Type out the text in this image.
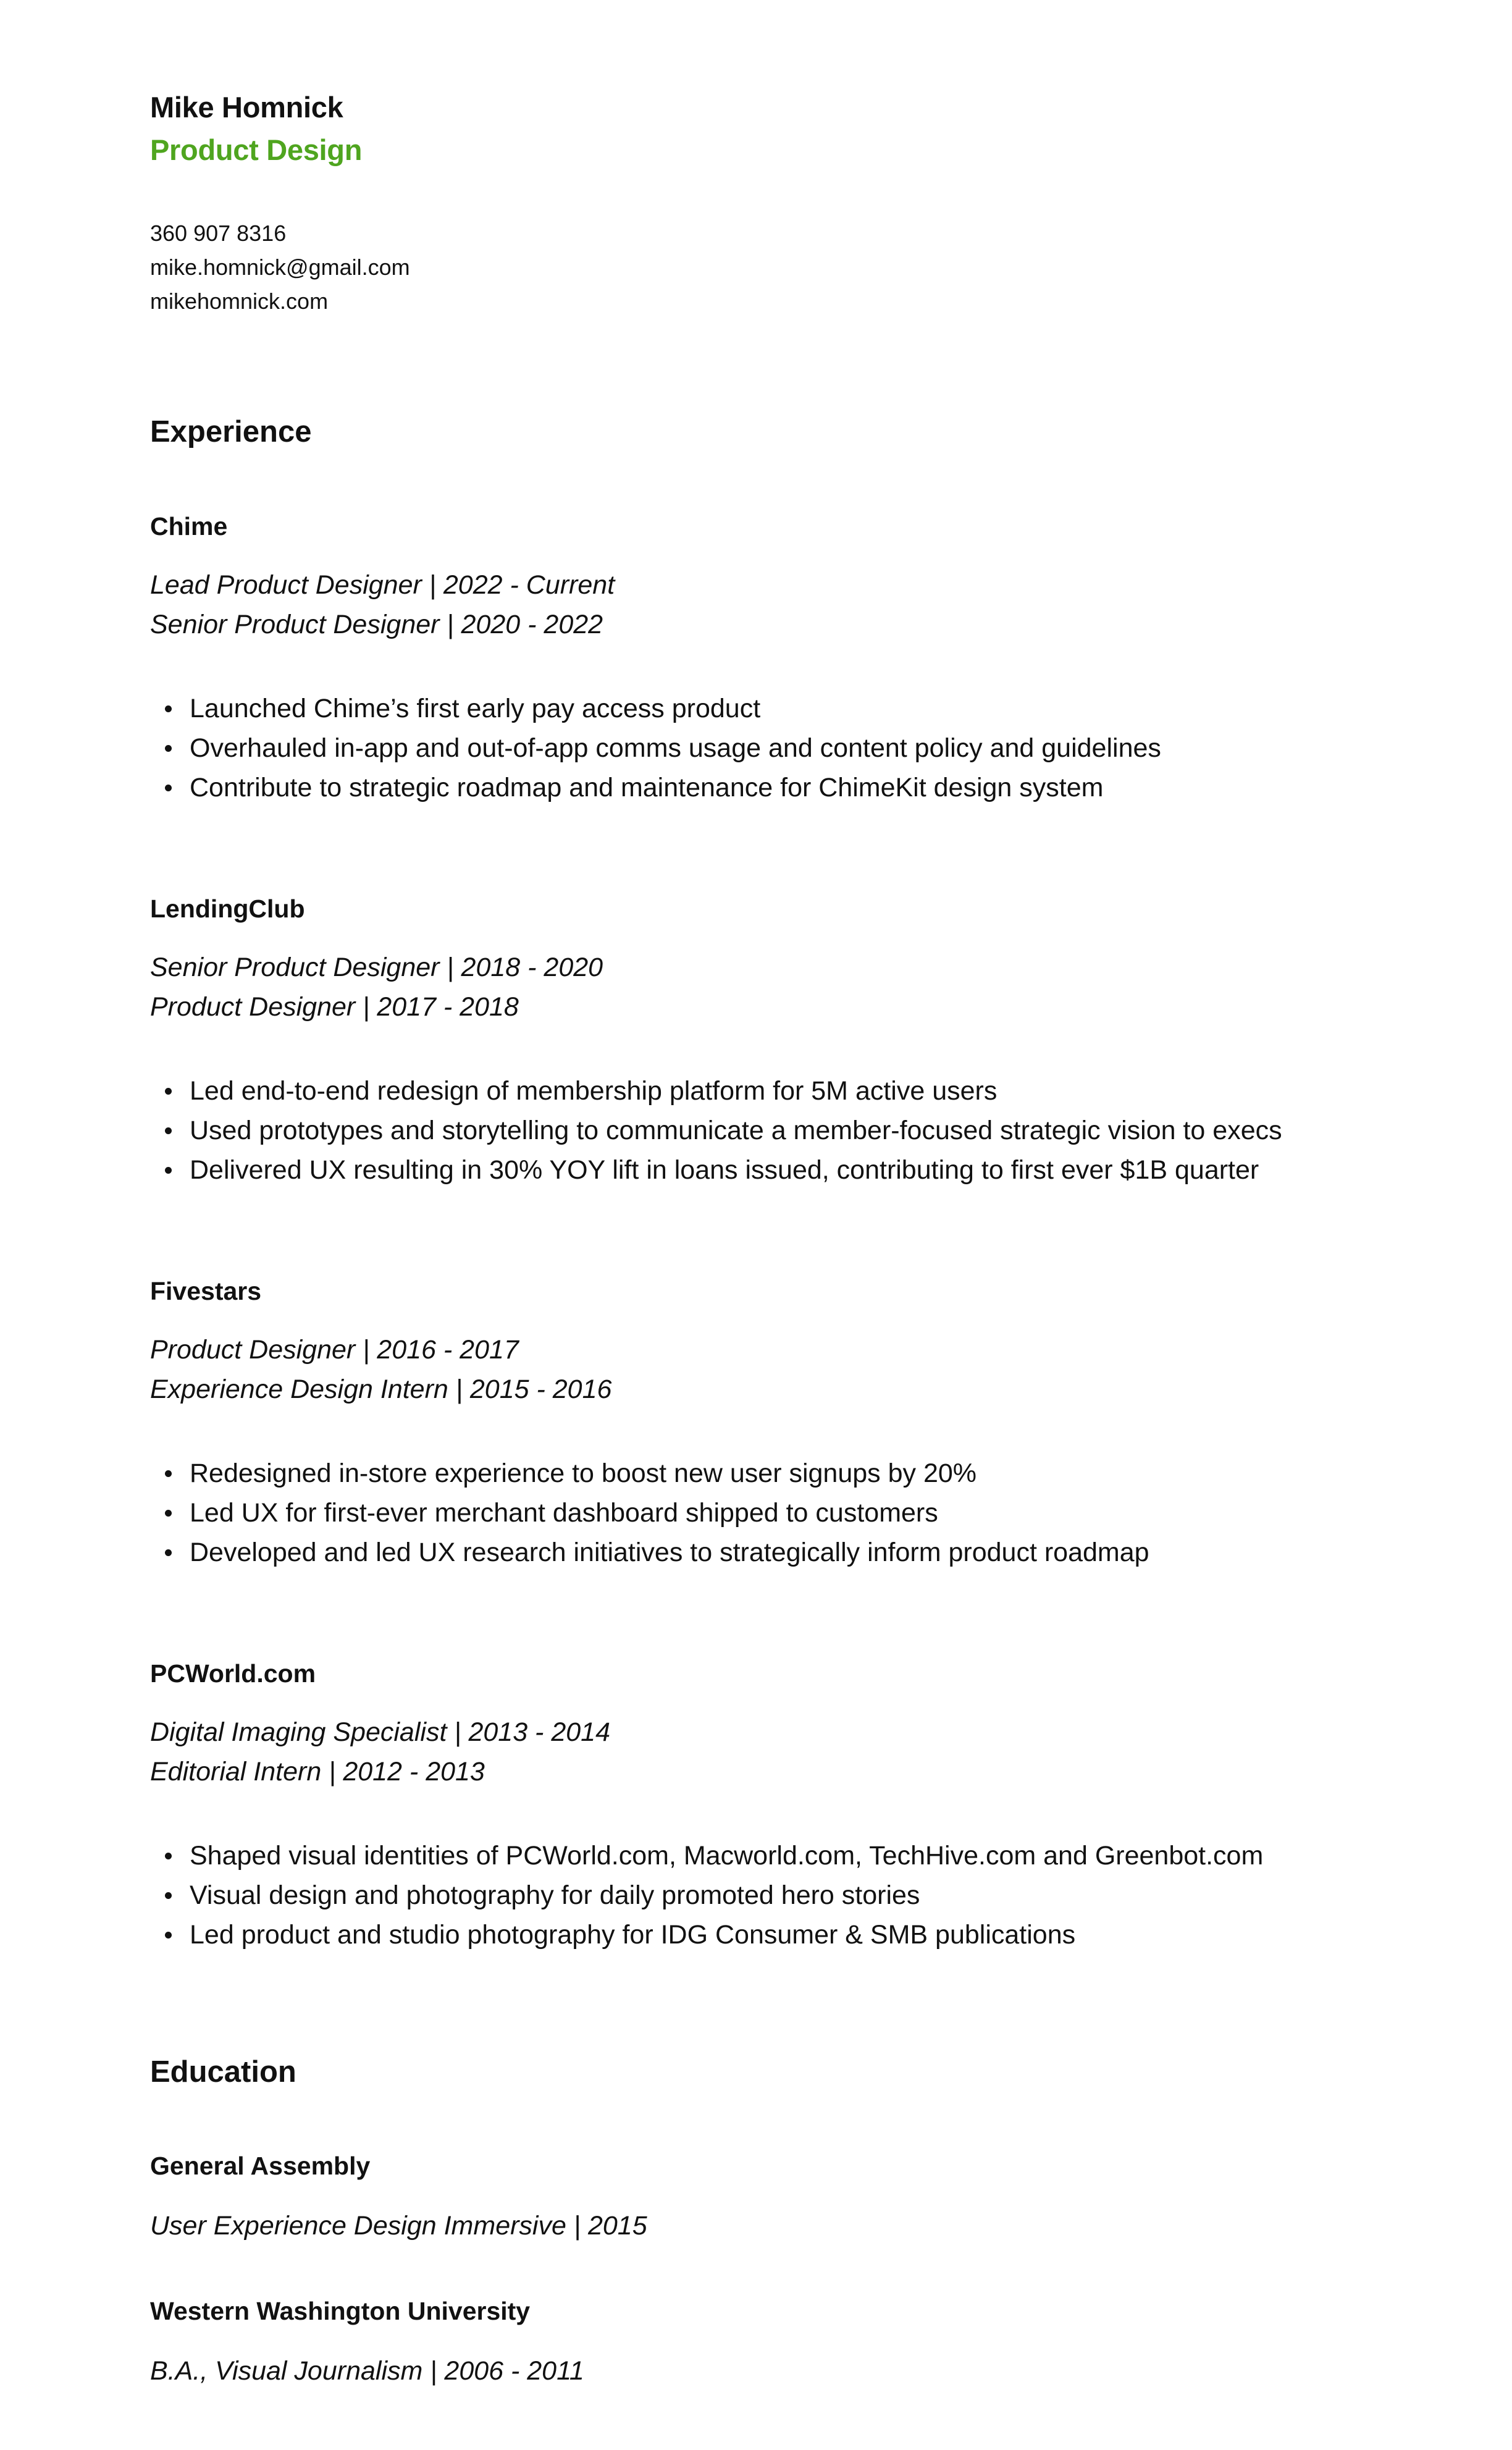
Mike Homnick
Product Design
360 907 8316
mike.homnick@gmail.com
mikehomnick.com
Experience
Chime
Lead Product Designer | 2022 - Current
Senior Product Designer | 2020 - 2022
Launched Chime’s first early pay access product
Overhauled in-app and out-of-app comms usage and content policy and guidelines
Contribute to strategic roadmap and maintenance for ChimeKit design system
LendingClub
Senior Product Designer | 2018 - 2020
Product Designer | 2017 - 2018
Led end-to-end redesign of membership platform for 5M active users
Used prototypes and storytelling to communicate a member-focused strategic vision to execs
Delivered UX resulting in 30% YOY lift in loans issued, contributing to first ever $1B quarter
Fivestars
Product Designer | 2016 - 2017
Experience Design Intern | 2015 - 2016
Redesigned in-store experience to boost new user signups by 20%
Led UX for first-ever merchant dashboard shipped to customers
Developed and led UX research initiatives to strategically inform product roadmap
PCWorld.com
Digital Imaging Specialist | 2013 - 2014
Editorial Intern | 2012 - 2013
Shaped visual identities of PCWorld.com, Macworld.com, TechHive.com and Greenbot.com
Visual design and photography for daily promoted hero stories
Led product and studio photography for IDG Consumer & SMB publications
Education
General Assembly
User Experience Design Immersive | 2015
Western Washington University
B.A., Visual Journalism | 2006 - 2011
